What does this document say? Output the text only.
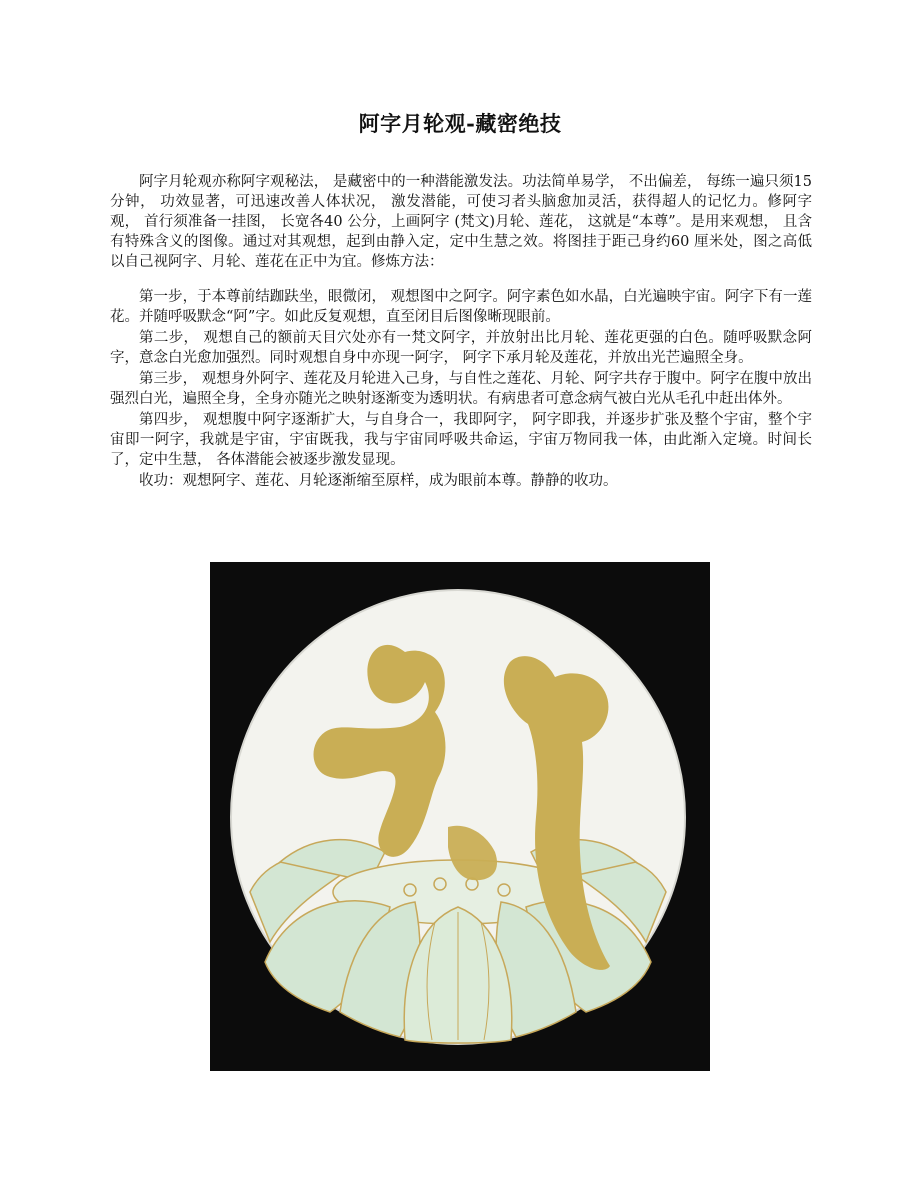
阿字月轮观-藏密绝技

阿字月轮观亦称阿字观秘法， 是藏密中的一种潜能激发法。功法简单易学， 不出偏差， 每练一遍只须15 分钟， 功效显著，可迅速改善人体状况， 激发潜能，可使习者头脑愈加灵活，获得超人的记忆力。修阿字观， 首行须准备一挂图， 长宽各40 公分，上画阿字 (梵文)月轮、莲花， 这就是“本尊”。是用来观想， 且含有特殊含义的图像。通过对其观想，起到由静入定，定中生慧之效。将图挂于距己身约60 厘米处，图之高低以自己视阿字、月轮、莲花在正中为宜。修炼方法：

第一步，于本尊前结跏趺坐，眼微闭， 观想图中之阿字。阿字素色如水晶，白光遍映宇宙。阿字下有一莲花。并随呼吸默念“阿”字。如此反复观想，直至闭目后图像晰现眼前。

第二步， 观想自己的额前天目穴处亦有一梵文阿字，并放射出比月轮、莲花更强的白色。随呼吸默念阿字，意念白光愈加强烈。同时观想自身中亦现一阿字， 阿字下承月轮及莲花，并放出光芒遍照全身。

第三步， 观想身外阿字、莲花及月轮进入己身，与自性之莲花、月轮、阿字共存于腹中。阿字在腹中放出强烈白光，遍照全身，全身亦随光之映射逐渐变为透明状。有病患者可意念病气被白光从毛孔中赶出体外。

第四步， 观想腹中阿字逐渐扩大，与自身合一，我即阿字， 阿字即我，并逐步扩张及整个宇宙，整个宇宙即一阿字，我就是宇宙，宇宙既我，我与宇宙同呼吸共命运，宇宙万物同我一体，由此渐入定境。时间长了，定中生慧， 各体潜能会被逐步激发显现。

收功：观想阿字、莲花、月轮逐渐缩至原样，成为眼前本尊。静静的收功。
